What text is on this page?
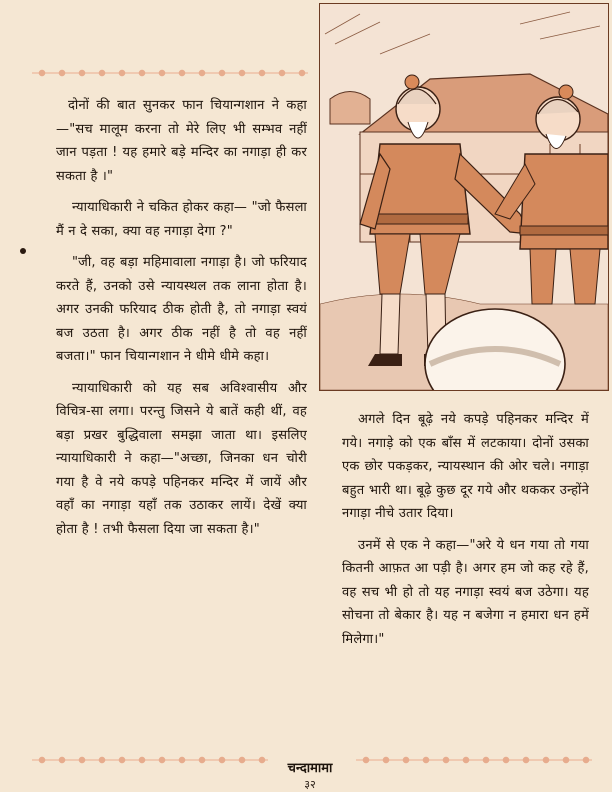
दोनों की बात सुनकर फान चियान्गशान ने कहा—"सच मालूम करना तो मेरे लिए भी सम्भव नहीं जान पड़ता ! यह हमारे बड़े मन्दिर का नगाड़ा ही कर सकता है ।"

न्यायाधिकारी ने चकित होकर कहा— "जो फैसला मैं न दे सका, क्या वह नगाड़ा देगा ?"

"जी, वह बड़ा महिमावाला नगाड़ा है। जो फरियाद करते हैं, उनको उसे न्यायस्थल तक लाना होता है। अगर उनकी फरियाद ठीक होती है, तो नगाड़ा स्वयं बज उठता है। अगर ठीक नहीं है तो वह नहीं बजता।" फान चियान्गशान ने धीमे धीमे कहा।

न्यायाधिकारी को यह सब अविश्वासीय और विचित्र-सा लगा। परन्तु जिसने ये बातें कही थीं, वह बड़ा प्रखर बुद्धिवाला समझा जाता था। इसलिए न्यायाधिकारी ने कहा—"अच्छा, जिनका धन चोरी गया है वे नये कपड़े पहिनकर मन्दिर में जायें और वहाँ का नगाड़ा यहाँ तक उठाकर लायें। देखें क्या होता है ! तभी फैसला दिया जा सकता है।"

अगले दिन बूढ़े नये कपड़े पहिनकर मन्दिर में गये। नगाड़े को एक बाँस में लटकाया। दोनों उसका एक छोर पकड़कर, न्यायस्थान की ओर चले। नगाड़ा बहुत भारी था। बूढ़े कुछ दूर गये और थककर उन्होंने नगाड़ा नीचे उतार दिया।

उनमें से एक ने कहा—"अरे ये धन गया तो गया कितनी आफ़त आ पड़ी है। अगर हम जो कह रहे हैं, वह सच भी हो तो यह नगाड़ा स्वयं बज उठेगा। यह सोचना तो बेकार है। यह न बजेगा न हमारा धन हमें मिलेगा।"

चन्दामामा
३२
